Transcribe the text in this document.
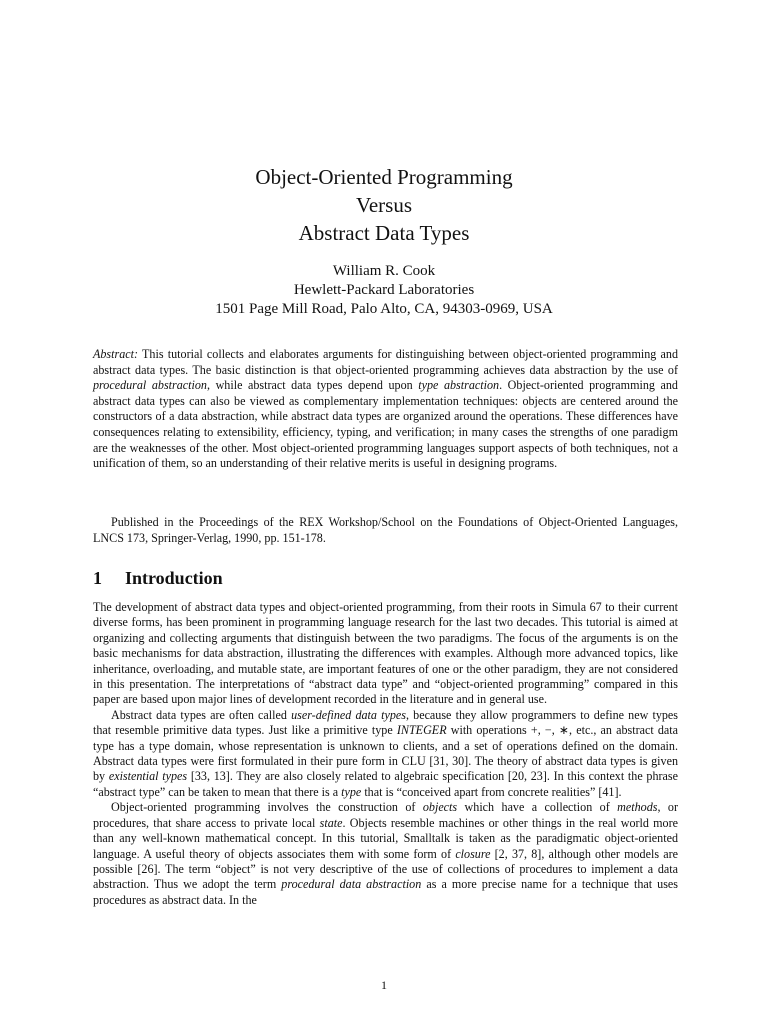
Object-Oriented Programming
Versus
Abstract Data Types
William R. Cook
Hewlett-Packard Laboratories
1501 Page Mill Road, Palo Alto, CA, 94303-0969, USA
Abstract: This tutorial collects and elaborates arguments for distinguishing between object-oriented programming and abstract data types. The basic distinction is that object-oriented programming achieves data abstraction by the use of procedural abstraction, while abstract data types depend upon type abstraction. Object-oriented programming and abstract data types can also be viewed as complementary implementation techniques: objects are centered around the constructors of a data abstraction, while abstract data types are organized around the operations. These differences have consequences relating to extensibility, efficiency, typing, and verification; in many cases the strengths of one paradigm are the weaknesses of the other. Most object-oriented programming languages support aspects of both techniques, not a unification of them, so an understanding of their relative merits is useful in designing programs.
Published in the Proceedings of the REX Workshop/School on the Foundations of Object-Oriented Languages, LNCS 173, Springer-Verlag, 1990, pp. 151-178.
1 Introduction

The development of abstract data types and object-oriented programming, from their roots in Simula 67 to their current diverse forms, has been prominent in programming language research for the last two decades. This tutorial is aimed at organizing and collecting arguments that distinguish between the two paradigms. The focus of the arguments is on the basic mechanisms for data abstraction, illustrating the differences with examples. Although more advanced topics, like inheritance, overloading, and mutable state, are important features of one or the other paradigm, they are not considered in this presentation. The interpretations of “abstract data type” and “object-oriented programming” compared in this paper are based upon major lines of development recorded in the literature and in general use.

Abstract data types are often called user-defined data types, because they allow programmers to define new types that resemble primitive data types. Just like a primitive type INTEGER with operations +, −, ∗, etc., an abstract data type has a type domain, whose representation is unknown to clients, and a set of operations defined on the domain. Abstract data types were first formulated in their pure form in CLU [31, 30]. The theory of abstract data types is given by existential types [33, 13]. They are also closely related to algebraic specification [20, 23]. In this context the phrase “abstract type” can be taken to mean that there is a type that is “conceived apart from concrete realities” [41].

Object-oriented programming involves the construction of objects which have a collection of methods, or procedures, that share access to private local state. Objects resemble machines or other things in the real world more than any well-known mathematical concept. In this tutorial, Smalltalk is taken as the paradigmatic object-oriented language. A useful theory of objects associates them with some form of closure [2, 37, 8], although other models are possible [26]. The term “object” is not very descriptive of the use of collections of procedures to implement a data abstraction. Thus we adopt the term procedural data abstraction as a more precise name for a technique that uses procedures as abstract data. In the

1
